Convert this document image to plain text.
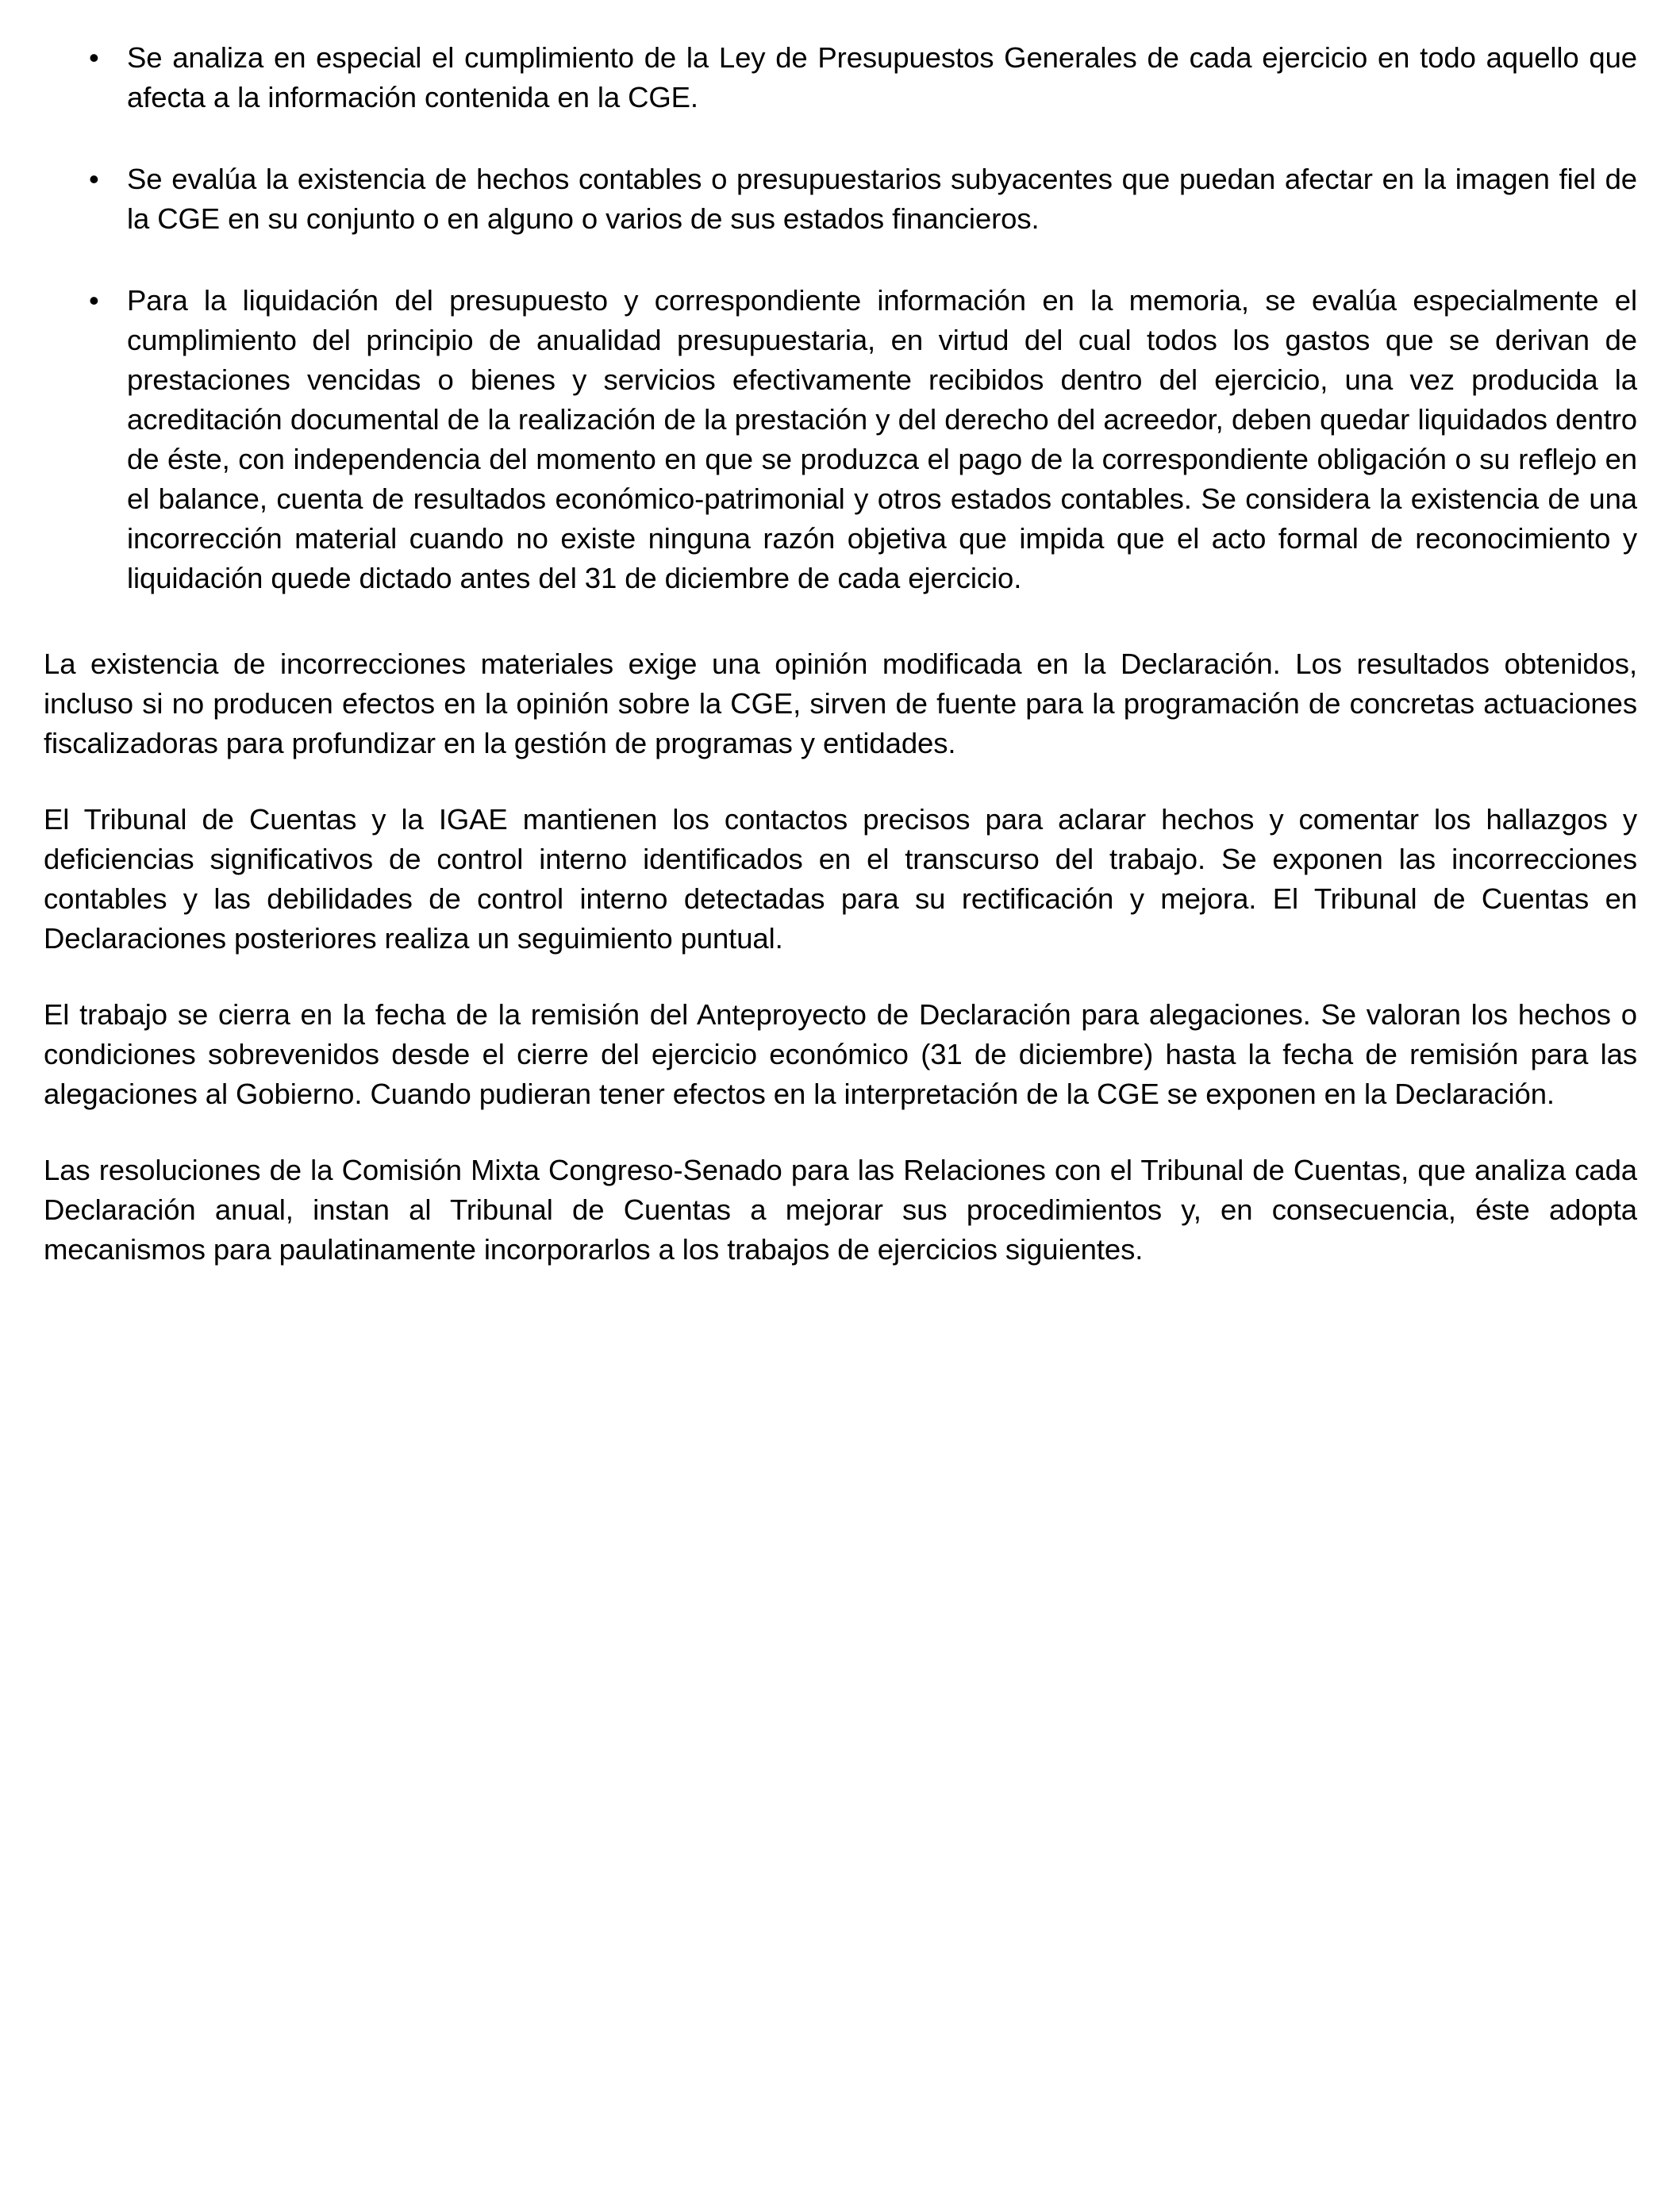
• Se analiza en especial el cumplimiento de la Ley de Presupuestos Generales de cada ejercicio en todo aquello que afecta a la información contenida en la CGE.
• Se evalúa la existencia de hechos contables o presupuestarios subyacentes que puedan afectar en la imagen fiel de la CGE en su conjunto o en alguno o varios de sus estados financieros.
• Para la liquidación del presupuesto y correspondiente información en la memoria, se evalúa especialmente el cumplimiento del principio de anualidad presupuestaria, en virtud del cual todos los gastos que se derivan de prestaciones vencidas o bienes y servicios efectivamente recibidos dentro del ejercicio, una vez producida la acreditación documental de la realización de la prestación y del derecho del acreedor, deben quedar liquidados dentro de éste, con independencia del momento en que se produzca el pago de la correspondiente obligación o su reflejo en el balance, cuenta de resultados económico-patrimonial y otros estados contables. Se considera la existencia de una incorrección material cuando no existe ninguna razón objetiva que impida que el acto formal de reconocimiento y liquidación quede dictado antes del 31 de diciembre de cada ejercicio.

La existencia de incorrecciones materiales exige una opinión modificada en la Declaración. Los resultados obtenidos, incluso si no producen efectos en la opinión sobre la CGE, sirven de fuente para la programación de concretas actuaciones fiscalizadoras para profundizar en la gestión de programas y entidades.

El Tribunal de Cuentas y la IGAE mantienen los contactos precisos para aclarar hechos y comentar los hallazgos y deficiencias significativos de control interno identificados en el transcurso del trabajo. Se exponen las incorrecciones contables y las debilidades de control interno detectadas para su rectificación y mejora. El Tribunal de Cuentas en Declaraciones posteriores realiza un seguimiento puntual.

El trabajo se cierra en la fecha de la remisión del Anteproyecto de Declaración para alegaciones. Se valoran los hechos o condiciones sobrevenidos desde el cierre del ejercicio económico (31 de diciembre) hasta la fecha de remisión para las alegaciones al Gobierno. Cuando pudieran tener efectos en la interpretación de la CGE se exponen en la Declaración.

Las resoluciones de la Comisión Mixta Congreso-Senado para las Relaciones con el Tribunal de Cuentas, que analiza cada Declaración anual, instan al Tribunal de Cuentas a mejorar sus procedimientos y, en consecuencia, éste adopta mecanismos para paulatinamente incorporarlos a los trabajos de ejercicios siguientes.
